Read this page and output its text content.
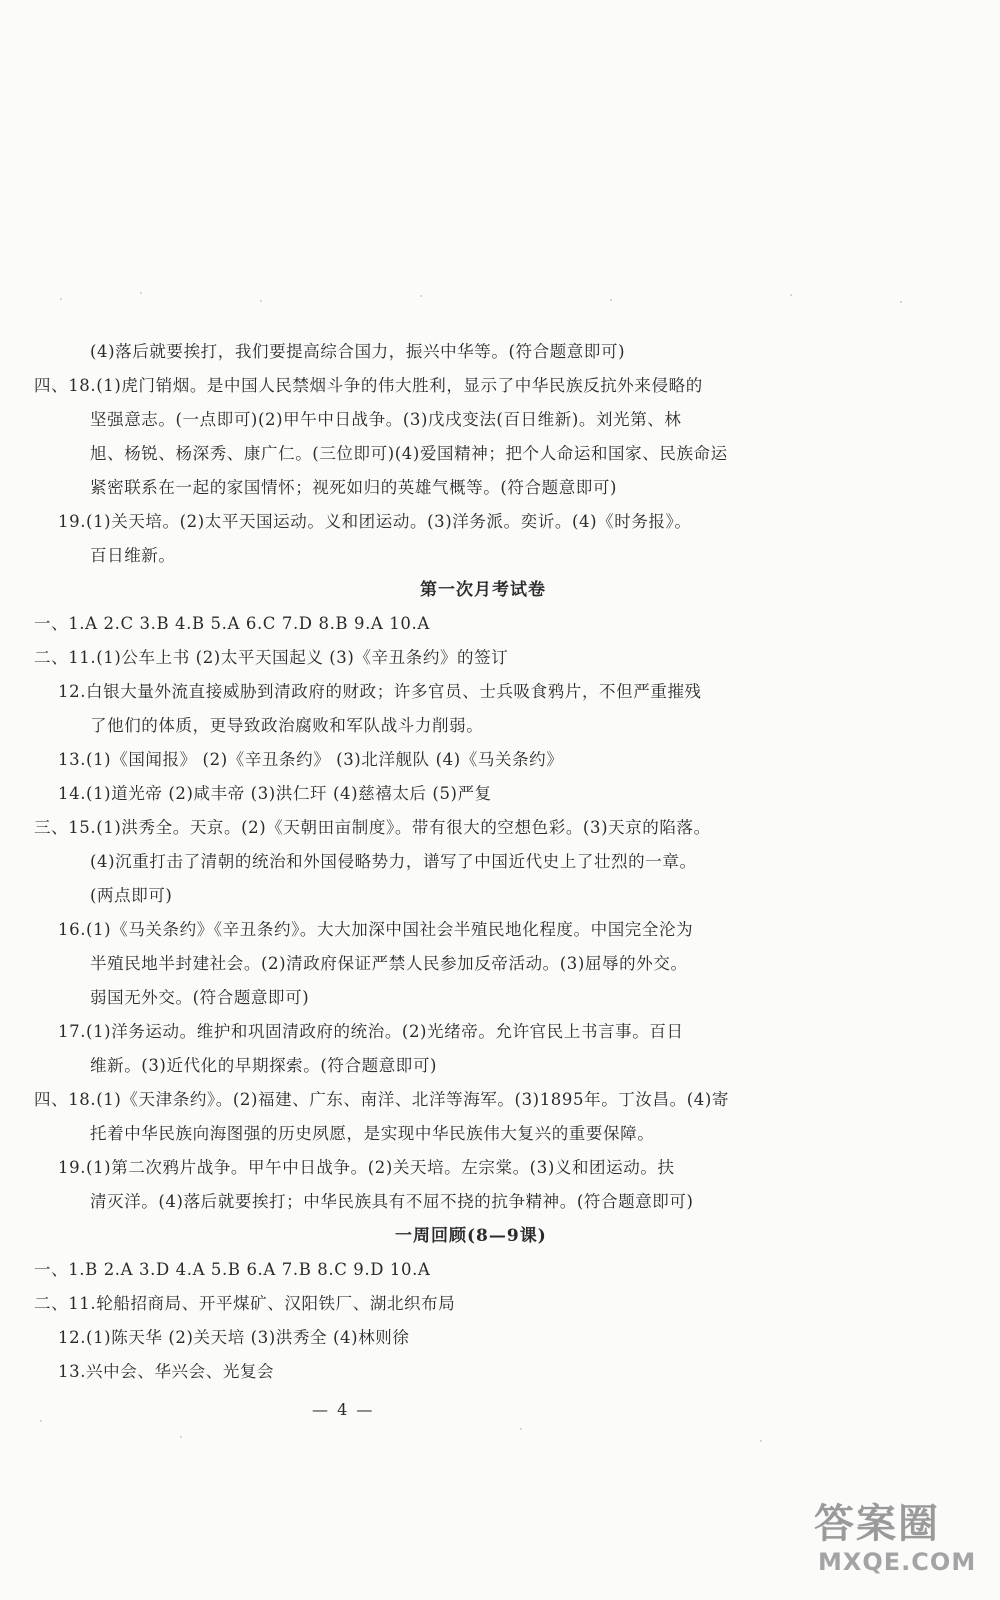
(4)落后就要挨打，我们要提高综合国力，振兴中华等。(符合题意即可)
四、18.(1)虎门销烟。是中国人民禁烟斗争的伟大胜利，显示了中华民族反抗外来侵略的
坚强意志。(一点即可)(2)甲午中日战争。(3)戊戌变法(百日维新)。刘光第、林
旭、杨锐、杨深秀、康广仁。(三位即可)(4)爱国精神；把个人命运和国家、民族命运
紧密联系在一起的家国情怀；视死如归的英雄气概等。(符合题意即可)
19.(1)关天培。(2)太平天国运动。义和团运动。(3)洋务派。奕䜣。(4)《时务报》。
百日维新。
第一次月考试卷
一、1.A 2.C 3.B 4.B 5.A 6.C 7.D 8.B 9.A 10.A
二、11.(1)公车上书 (2)太平天国起义 (3)《辛丑条约》的签订
12.白银大量外流直接威胁到清政府的财政；许多官员、士兵吸食鸦片，不但严重摧残
了他们的体质，更导致政治腐败和军队战斗力削弱。
13.(1)《国闻报》 (2)《辛丑条约》 (3)北洋舰队 (4)《马关条约》
14.(1)道光帝 (2)咸丰帝 (3)洪仁玕 (4)慈禧太后 (5)严复
三、15.(1)洪秀全。天京。(2)《天朝田亩制度》。带有很大的空想色彩。(3)天京的陷落。
(4)沉重打击了清朝的统治和外国侵略势力，谱写了中国近代史上了壮烈的一章。
(两点即可)
16.(1)《马关条约》《辛丑条约》。大大加深中国社会半殖民地化程度。中国完全沦为
半殖民地半封建社会。(2)清政府保证严禁人民参加反帝活动。(3)屈辱的外交。
弱国无外交。(符合题意即可)
17.(1)洋务运动。维护和巩固清政府的统治。(2)光绪帝。允许官民上书言事。百日
维新。(3)近代化的早期探索。(符合题意即可)
四、18.(1)《天津条约》。(2)福建、广东、南洋、北洋等海军。(3)1895年。丁汝昌。(4)寄
托着中华民族向海图强的历史夙愿，是实现中华民族伟大复兴的重要保障。
19.(1)第二次鸦片战争。甲午中日战争。(2)关天培。左宗棠。(3)义和团运动。扶
清灭洋。(4)落后就要挨打；中华民族具有不屈不挠的抗争精神。(符合题意即可)
一周回顾(8—9课)
一、1.B 2.A 3.D 4.A 5.B 6.A 7.B 8.C 9.D 10.A
二、11.轮船招商局、开平煤矿、汉阳铁厂、湖北织布局
12.(1)陈天华 (2)关天培 (3)洪秀全 (4)林则徐
13.兴中会、华兴会、光复会
— 4 —
答案圈
MXQE.COM
